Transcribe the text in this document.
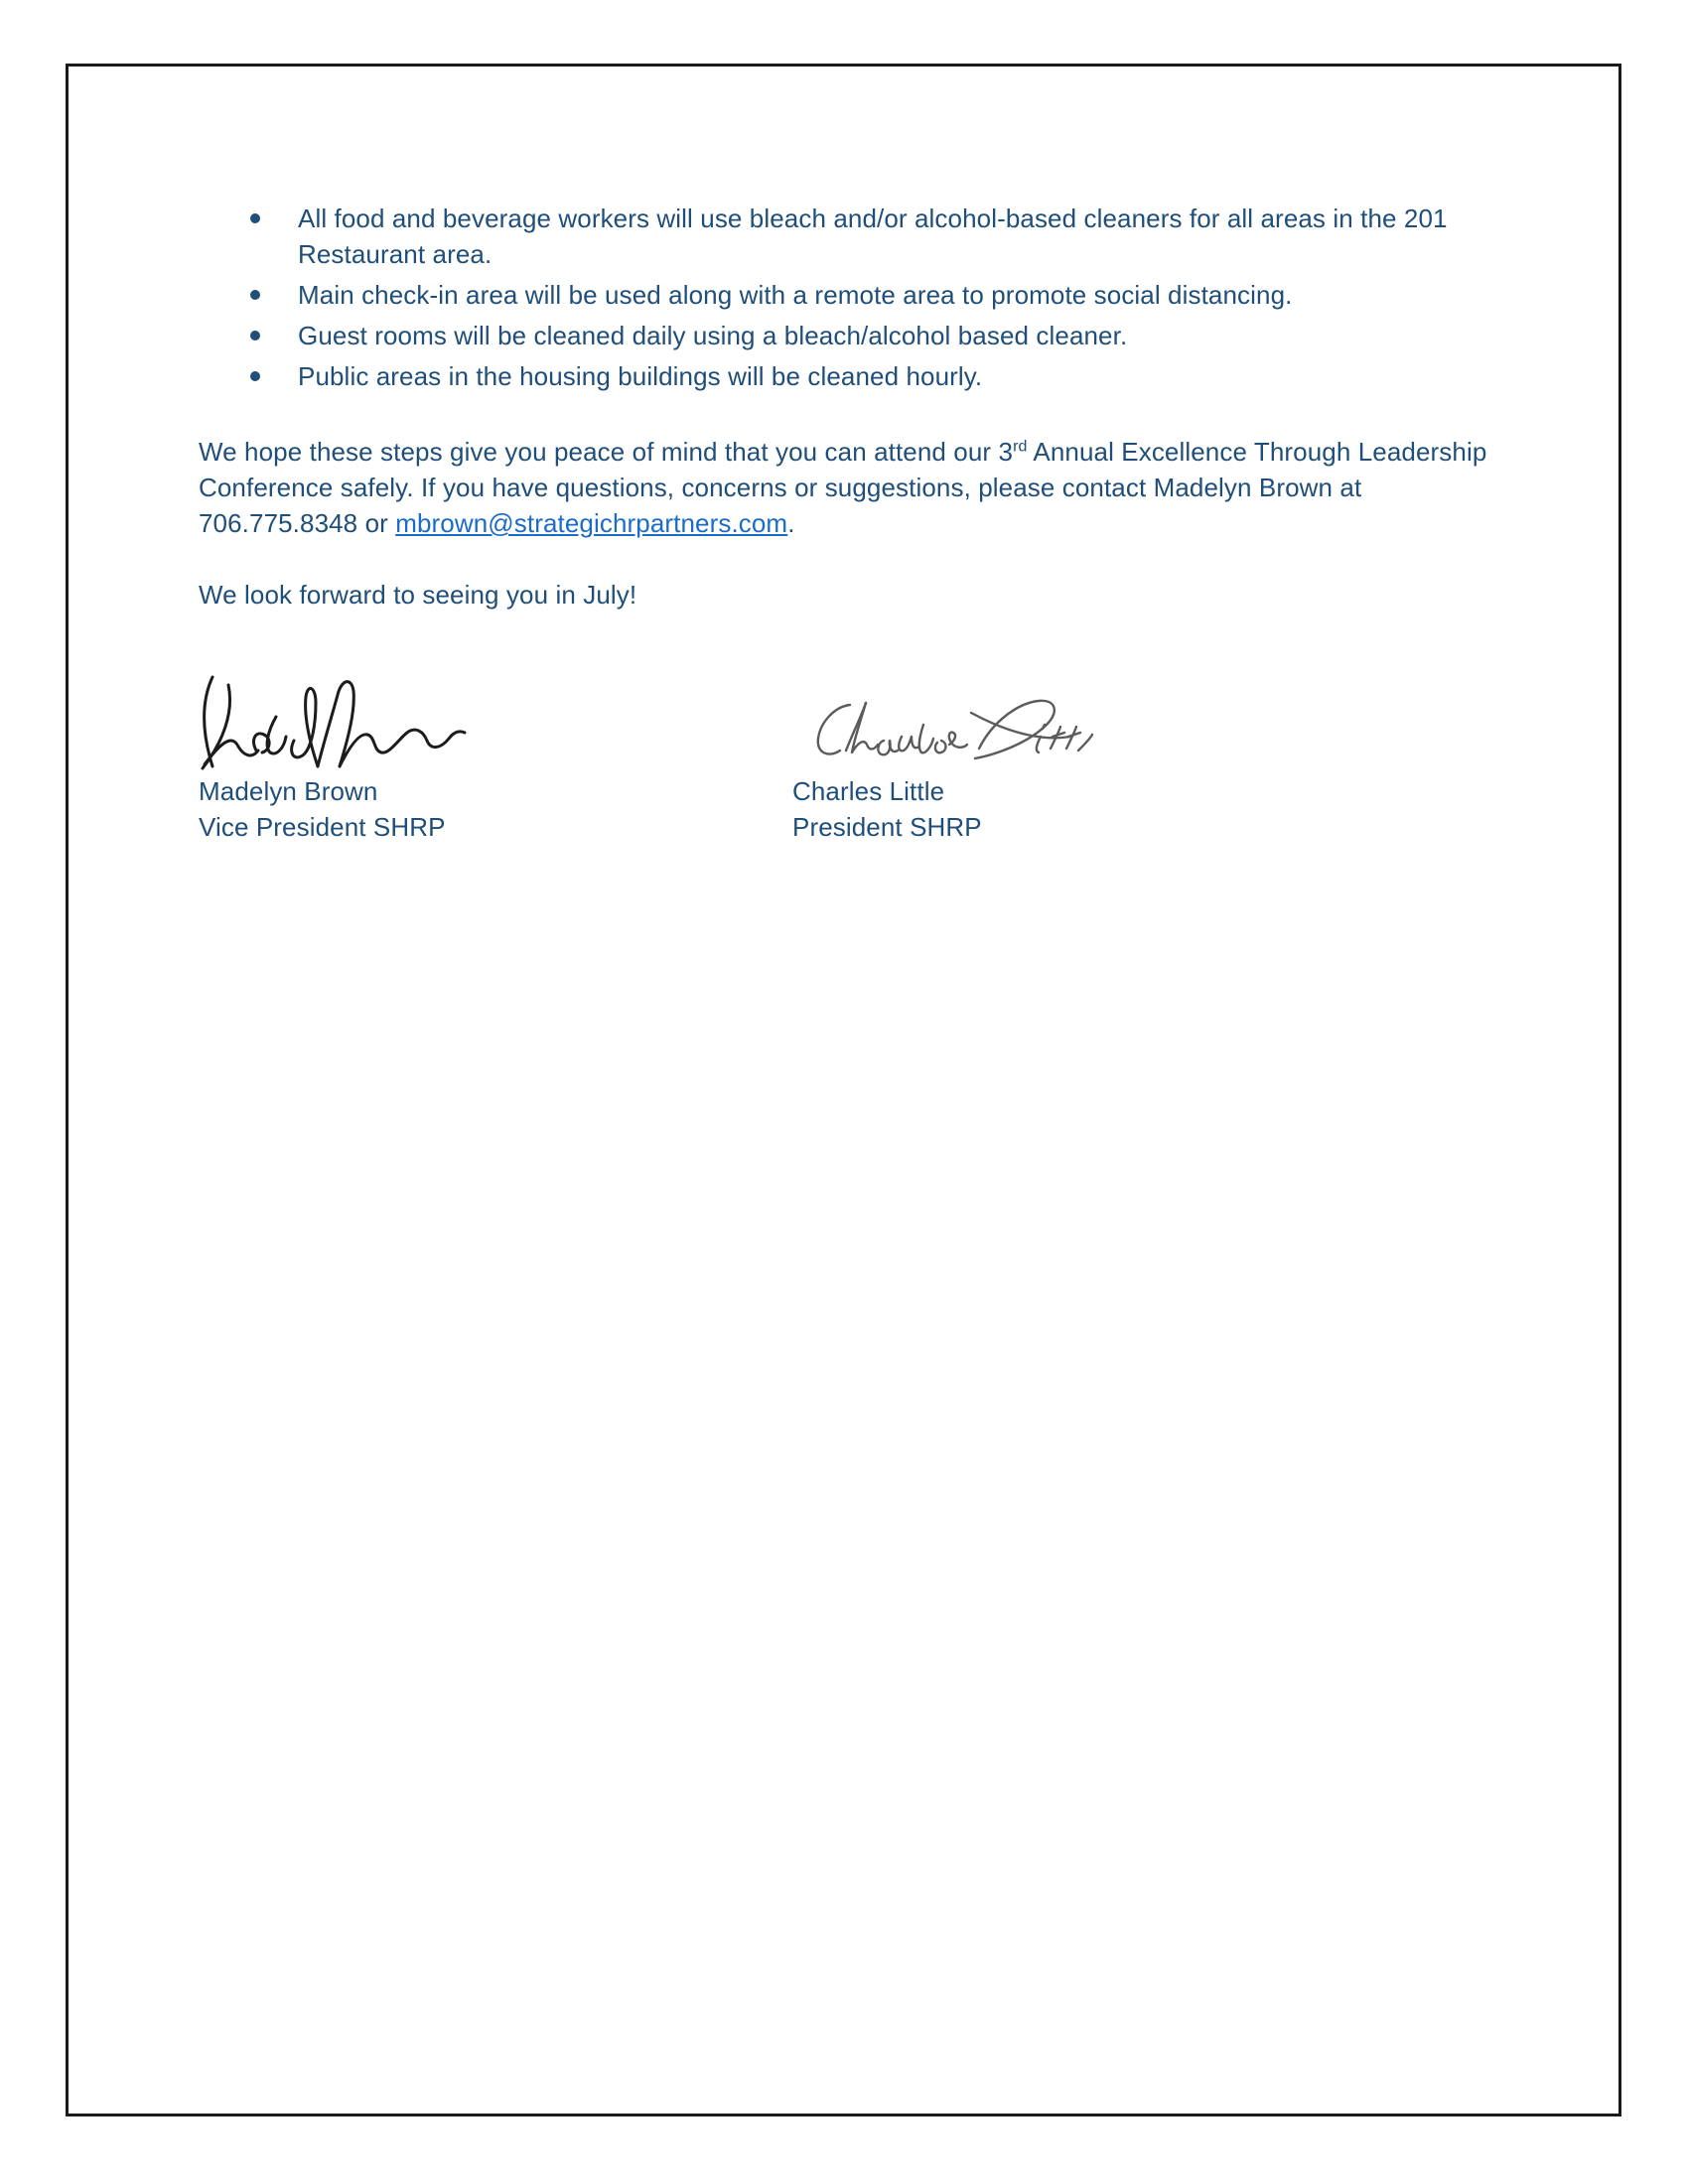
All food and beverage workers will use bleach and/or alcohol-based cleaners for all areas in the 201 Restaurant area.
Main check-in area will be used along with a remote area to promote social distancing.
Guest rooms will be cleaned daily using a bleach/alcohol based cleaner.
Public areas in the housing buildings will be cleaned hourly.

We hope these steps give you peace of mind that you can attend our 3rd Annual Excellence Through Leadership Conference safely. If you have questions, concerns or suggestions, please contact Madelyn Brown at 706.775.8348 or mbrown@strategichrpartners.com.

We look forward to seeing you in July!

Madelyn Brown

Vice President SHRP

Charles Little

President SHRP
